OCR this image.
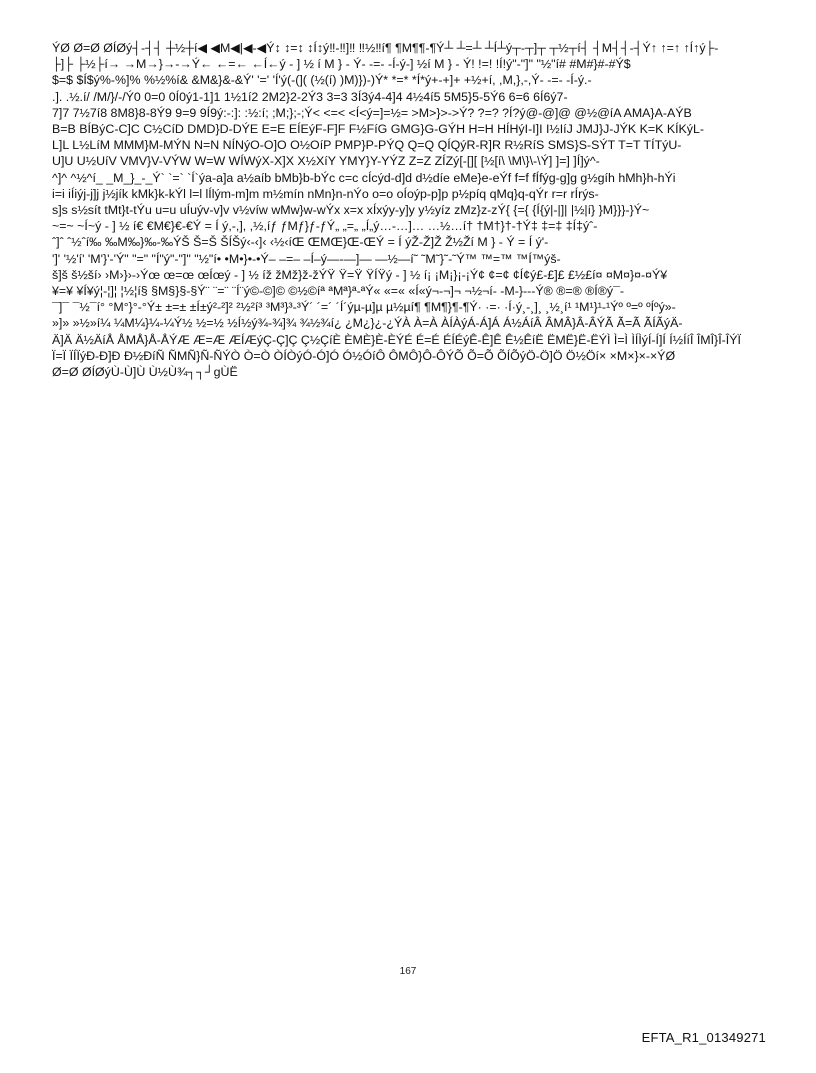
ÝØ Ø=Ø ØÍØý┤-┤┤ ┼½┼í◀ ◀M◀|◀-◀Ý↕ ↕=↕ ↕Í↕ý‼-‼]‼ ‼½‼í¶ ¶M¶¶-¶Ý┴ ┴=┴ ┴Í┴ý┬-┬]┬ ┬½┬í┤ ┤M┤┤-┤Ý↑ ↑=↑ ↑Í↑ý├-
├]├ ├½├í→ →M→}→-→Ý← ←=← ←Í←ý - ] ½ í M } - Ý- -=- -Í-ý-] ½í M } - Ý! !=! !Í!ý"-"]" "½"í# #M#}#-#Ý$
$=$ $Í$ý%-%]% %½%í& &M&}&-&Ý' '=' 'Í'ý(-(]( (½(í) )M)})-)Ý* *=* *Í*ý+-+]+ +½+í, ,M,},-,Ý- -=- -Í-ý.-
.]. .½.í/ /M/}/-/Ý0 0=0 0Í0ý1-1]1 1½1í2 2M2}2-2Ý3 3=3 3Í3ý4-4]4 4½4í5 5M5}5-5Ý6 6=6 6Í6ý7-
7]7 7½7í8 8M8}8-8Ý9 9=9 9Í9ý:-:]: :½:í; ;M;};-;Ý< <=< <Í<ý=]=½= >M>}>->Ý? ?=? ?Í?ý@-@]@ @½@íA AMA}A-AÝB
B=B BÍBýC-C]C C½CíD DMD}D-DÝE E=E EÍEýF-F]F F½FíG GMG}G-GÝH H=H HÍHýI-I]I I½IíJ JMJ}J-JÝK K=K KÍKýL-
L]L L½LíM MMM}M-MÝN N=N NÍNýO-O]O O½OíP PMP}P-PÝQ Q=Q QÍQýR-R]R R½RíS SMS}S-SÝT T=T TÍTýU-
U]U U½UíV VMV}V-VÝW W=W WÍWýX-X]X X½XíY YMY}Y-YÝZ Z=Z ZÍZý[-[][ [½[í\ \M\}\-\Ý] ]=] ]Í]ý^-
^]^ ^½^í_ _M_}_-_Ý` `=` `Í`ýa-a]a a½aíb bMb}b-bÝc c=c cÍcýd-d]d d½díe eMe}e-eÝf f=f fÍfýg-g]g g½gíh hMh}h-hÝi
i=i iÍiýj-j]j j½jík kMk}k-kÝl l=l lÍlým-m]m m½mín nMn}n-nÝo o=o oÍoýp-p]p p½píq qMq}q-qÝr r=r rÍrýs-
s]s s½sít tMt}t-tÝu u=u uÍuýv-v]v v½víw wMw}w-wÝx x=x xÍxýy-y]y y½yíz zMz}z-zÝ{ {={ {Í{ý|-|]| |½|í} }M}}}-}Ý~
~=~ ~Í~ý - ] ½ í€ €M€}€-€Ý = Í ý,-,], ,½,íƒ ƒMƒ}ƒ-ƒÝ„ „=„ „Í„ý…-…]… …½…í† †M†}†-†Ý‡ ‡=‡ ‡Í‡ýˆ-
ˆ]ˆ ˆ½ˆí‰ ‰M‰}‰-‰ÝŠ Š=Š ŠÍŠý‹-‹]‹ ‹½‹íŒ ŒMŒ}Œ-ŒÝ = Í ýŽ-Ž]Ž Ž½Ží M } - Ý = Í ý'-
']' '½'í' 'M'}'-'Ý" "=" "Í"ý"-"]" "½"í• •M•}•-•Ý– –=– –Í–ý—-—]— —½—í˜ ˜M˜}˜-˜Ý™ ™=™ ™Í™ýš-
š]š š½ší› ›M›}›-›Ýœ œ=œ œÍœý - ] ½ íž žMž}ž-žÝŸ Ÿ=Ÿ ŸÍŸý - ] ½ í¡ ¡M¡}¡-¡Ý¢ ¢=¢ ¢Í¢ý£-£]£ £½£í¤ ¤M¤}¤-¤Ý¥
¥=¥ ¥Í¥ý¦-¦]¦ ¦½¦í§ §M§}§-§Ý¨ ¨=¨ ¨Í¨ý©-©]© ©½©íª ªMª}ª-ªÝ« «=« «Í«ý¬-¬]¬ ¬½¬í- -M-}---Ý® ®=® ®Í®ý¯-
¯]¯ ¯½¯í° °M°}°-°Ý± ±=± ±Í±ý²-²]² ²½²í³ ³M³}³-³Ý´ ´=´ ´Í´ýµ-µ]µ µ½µí¶ ¶M¶}¶-¶Ý· ·=· ·Í·ý¸-¸]¸ ¸½¸í¹ ¹M¹}¹-¹Ýº º=º ºÍºý»-
»]» »½»í¼ ¼M¼}¼-¼Ý½ ½=½ ½Í½ý¾-¾]¾ ¾½¾í¿ ¿M¿}¿-¿ÝÀ À=À ÀÍÀýÁ-Á]Á Á½ÁíÂ ÂMÂ}Â-ÂÝÃ Ã=Ã ÃÍÃýÄ-
Ä]Ä Ä½ÄíÅ ÅMÅ}Å-ÅÝÆ Æ=Æ ÆÍÆýÇ-Ç]Ç Ç½ÇíÈ ÈMÈ}È-ÈÝÉ É=É ÉÍÉýÊ-Ê]Ê Ê½ÊíË ËMË}Ë-ËÝÌ Ì=Ì ÌÍÌýÍ-Í]Í Í½ÍíÎ ÎMÎ}Î-ÎÝÏ
Ï=Ï ÏÍÏýÐ-Ð]Ð Ð½ÐíÑ ÑMÑ}Ñ-ÑÝÒ Ò=Ò ÒÍÒýÓ-Ó]Ó Ó½ÓíÔ ÔMÔ}Ô-ÔÝÕ Õ=Õ ÕÍÕýÖ-Ö]Ö Ö½Öí× ×M×}×-×ÝØ
Ø=Ø ØÍØýÙ-Ù]Ù Ù½Ù¾┐┐┘gÙË
167
EFTA_R1_01349271
